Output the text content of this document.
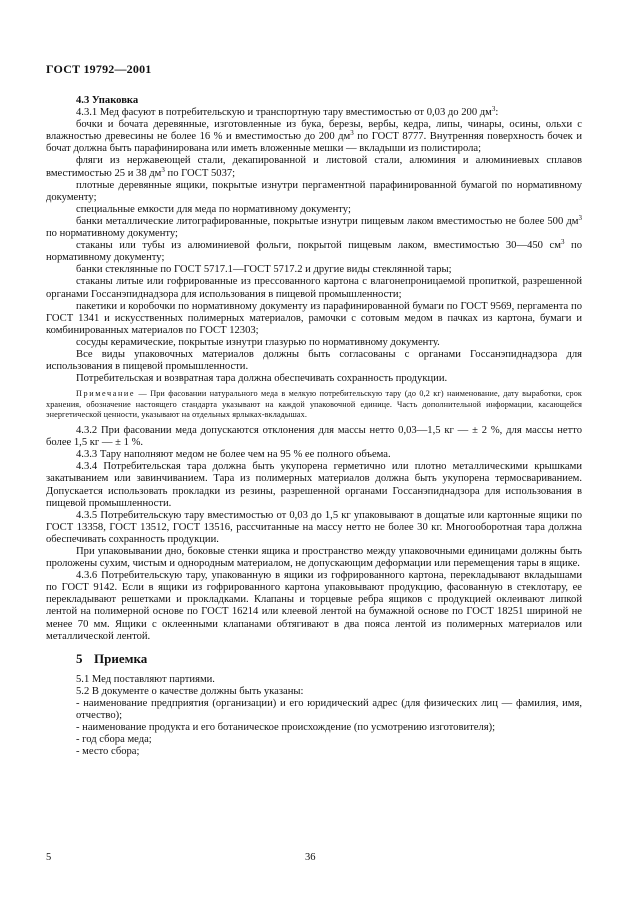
ГОСТ 19792—2001

4.3 Упаковка

4.3.1 Мед фасуют в потребительскую и транспортную тару вместимостью от 0,03 до 200 $дм^3$:

бочки и бочата деревянные, изготовленные из бука, березы, вербы, кедра, липы, чинары, осины, ольхи с влажностью древесины не более 16 % и вместимостью до 200 $дм^3$ по ГОСТ 8777. Внутренняя поверхность бочек и бочат должна быть парафинирована или иметь вложенные мешки — вкладыши из полистирола;

фляги из нержавеющей стали, декапированной и листовой стали, алюминия и алюминиевых сплавов вместимостью 25 и 38 $дм^3$ по ГОСТ 5037;

плотные деревянные ящики, покрытые изнутри пергаментной парафинированной бумагой по нормативному документу;

специальные емкости для меда по нормативному документу;

банки металлические литографированные, покрытые изнутри пищевым лаком вместимостью не более 500 $дм^3$ по нормативному документу;

стаканы или тубы из алюминиевой фольги, покрытой пищевым лаком, вместимостью 30—450 $см^3$ по нормативному документу;

банки стеклянные по ГОСТ 5717.1—ГОСТ 5717.2 и другие виды стеклянной тары;

стаканы литые или гофрированные из прессованного картона с влагонепроницаемой пропиткой, разрешенной органами Госсанэпиднадзора для использования в пищевой промышленности;

пакетики и коробочки по нормативному документу из парафинированной бумаги по ГОСТ 9569, пергамента по ГОСТ 1341 и искусственных полимерных материалов, рамочки с сотовым медом в пачках из картона, бумаги и комбинированных материалов по ГОСТ 12303;

сосуды керамические, покрытые изнутри глазурью по нормативному документу.

Все виды упаковочных материалов должны быть согласованы с органами Госсанэпиднадзора для использования в пищевой промышленности.

Потребительская и возвратная тара должна обеспечивать сохранность продукции.

Примечание — При фасовании натурального меда в мелкую потребительскую тару (до 0,2 кг) наименование, дату выработки, срок хранения, обозначение настоящего стандарта указывают на каждой упаковочной единице. Часть дополнительной информации, касающейся энергетической ценности, указывают на отдельных ярлыках-вкладышах.

4.3.2 При фасовании меда допускаются отклонения для массы нетто 0,03—1,5 кг — ± 2 %, для массы нетто более 1,5 кг — ± 1 %.

4.3.3 Тару наполняют медом не более чем на 95 % ее полного объема.

4.3.4 Потребительская тара должна быть укупорена герметично или плотно металлическими крышками закатыванием или завинчиванием. Тара из полимерных материалов должна быть укупорена термосвариванием. Допускается использовать прокладки из резины, разрешенной органами Госсанэпиднадзора для использования в пищевой промышленности.

4.3.5 Потребительскую тару вместимостью от 0,03 до 1,5 кг упаковывают в дощатые или картонные ящики по ГОСТ 13358, ГОСТ 13512, ГОСТ 13516, рассчитанные на массу нетто не более 30 кг. Многооборотная тара должна обеспечивать сохранность продукции.

При упаковывании дно, боковые стенки ящика и пространство между упаковочными единицами должны быть проложены сухим, чистым и однородным материалом, не допускающим деформации или перемещения тары в ящике.

4.3.6 Потребительскую тару, упакованную в ящики из гофрированного картона, перекладывают вкладышами по ГОСТ 9142. Если в ящики из гофрированного картона упаковывают продукцию, фасованную в стеклотару, ее перекладывают решетками и прокладками. Клапаны и торцевые ребра ящиков с продукцией оклеивают липкой лентой на полимерной основе по ГОСТ 16214 или клеевой лентой на бумажной основе по ГОСТ 18251 шириной не менее 70 мм. Ящики с оклеенными клапанами обтягивают в два пояса лентой из полимерных материалов или металлической лентой.

5 Приемка

5.1 Мед поставляют партиями.

5.2 В документе о качестве должны быть указаны:

- наименование предприятия (организации) и его юридический адрес (для физических лиц — фамилия, имя, отчество);

- наименование продукта и его ботаническое происхождение (по усмотрению изготовителя);

- год сбора меда;

- место сбора;

5	36
